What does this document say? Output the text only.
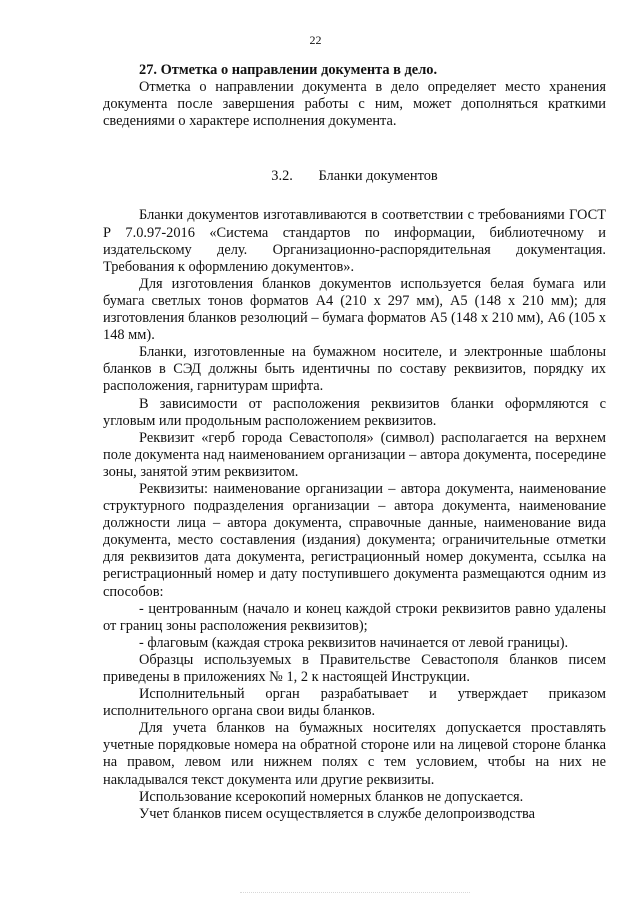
22

27. Отметка о направлении документа в дело.

Отметка о направлении документа в дело определяет место хранения документа после завершения работы с ним, может дополняться краткими сведениями о характере исполнения документа.

3.2. Бланки документов

Бланки документов изготавливаются в соответствии с требованиями ГОСТ Р 7.0.97-2016 «Система стандартов по информации, библиотечному и издательскому делу. Организационно-распорядительная документация. Требования к оформлению документов».

Для изготовления бланков документов используется белая бумага или бумага светлых тонов форматов А4 (210 х 297 мм), А5 (148 х 210 мм); для изготовления бланков резолюций – бумага форматов А5 (148 х 210 мм), А6 (105 х 148 мм).

Бланки, изготовленные на бумажном носителе, и электронные шаблоны бланков в СЭД должны быть идентичны по составу реквизитов, порядку их расположения, гарнитурам шрифта.

В зависимости от расположения реквизитов бланки оформляются с угловым или продольным расположением реквизитов.

Реквизит «герб города Севастополя» (символ) располагается на верхнем поле документа над наименованием организации – автора документа, посередине зоны, занятой этим реквизитом.

Реквизиты: наименование организации – автора документа, наименование структурного подразделения организации – автора документа, наименование должности лица – автора документа, справочные данные, наименование вида документа, место составления (издания) документа; ограничительные отметки для реквизитов дата документа, регистрационный номер документа, ссылка на регистрационный номер и дату поступившего документа размещаются одним из способов:

- центрованным (начало и конец каждой строки реквизитов равно удалены от границ зоны расположения реквизитов);

- флаговым (каждая строка реквизитов начинается от левой границы).

Образцы используемых в Правительстве Севастополя бланков писем приведены в приложениях № 1, 2 к настоящей Инструкции.

Исполнительный орган разрабатывает и утверждает приказом исполнительного органа свои виды бланков.

Для учета бланков на бумажных носителях допускается проставлять учетные порядковые номера на обратной стороне или на лицевой стороне бланка на правом, левом или нижнем полях с тем условием, чтобы на них не накладывался текст документа или другие реквизиты.

Использование ксерокопий номерных бланков не допускается.

Учет бланков писем осуществляется в службе делопроизводства
